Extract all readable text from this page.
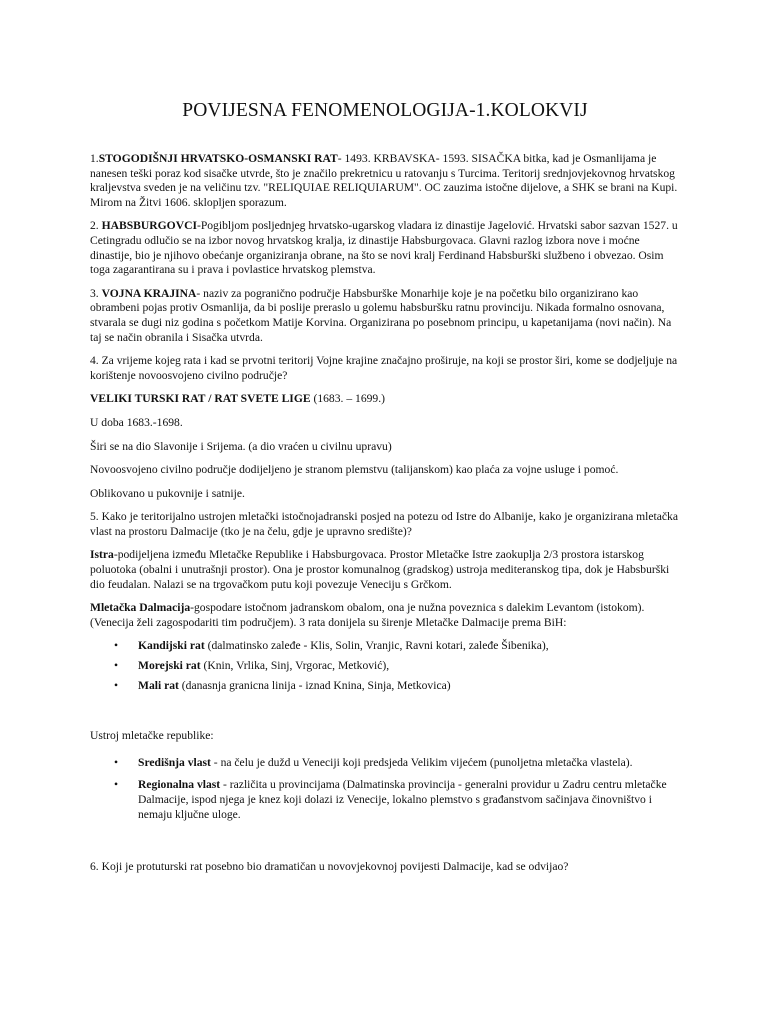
POVIJESNA FENOMENOLOGIJA-1.KOLOKVIJ

1.STOGODIŠNJI HRVATSKO-OSMANSKI RAT- 1493. KRBAVSKA- 1593. SISAČKA bitka, kad je Osmanlijama je nanesen teški poraz kod sisačke utvrde, što je značilo prekretnicu u ratovanju s Turcima. Teritorij srednjovjekovnog hrvatskog kraljevstva sveden je na veličinu tzv. "RELIQUIAE RELIQUIARUM". OC zauzima istočne dijelove, a SHK se brani na Kupi. Mirom na Žitvi 1606. sklopljen sporazum.

2. HABSBURGOVCI-Pogibljom posljednjeg hrvatsko-ugarskog vladara iz dinastije Jagelović. Hrvatski sabor sazvan 1527. u Cetingradu odlučio se na izbor novog hrvatskog kralja, iz dinastije Habsburgovaca. Glavni razlog izbora nove i moćne dinastije, bio je njihovo obećanje organiziranja obrane, na što se novi kralj Ferdinand Habsburški službeno i obvezao. Osim toga zagarantirana su i prava i povlastice hrvatskog plemstva.

3. VOJNA KRAJINA- naziv za pogranično područje Habsburške Monarhije koje je na početku bilo organizirano kao obrambeni pojas protiv Osmanlija, da bi poslije preraslo u golemu habsburšku ratnu provinciju. Nikada formalno osnovana, stvarala se dugi niz godina s početkom Matije Korvina. Organizirana po posebnom principu, u kapetanijama (novi način). Na taj se način obranila i Sisačka utvrda.

4. Za vrijeme kojeg rata i kad se prvotni teritorij Vojne krajine značajno proširuje, na koji se prostor širi, kome se dodjeljuje na korištenje novoosvojeno civilno područje?

VELIKI TURSKI RAT / RAT SVETE LIGE (1683. – 1699.)

U doba 1683.-1698.

Širi se na dio Slavonije i Srijema. (a dio vraćen u civilnu upravu)

Novoosvojeno civilno područje dodijeljeno je stranom plemstvu (talijanskom) kao plaća za vojne usluge i pomoć.

Oblikovano u pukovnije i satnije.

5. Kako je teritorijalno ustrojen mletački istočnojadranski posjed na potezu od Istre do Albanije, kako je organizirana mletačka vlast na prostoru Dalmacije (tko je na čelu, gdje je upravno središte)?

Istra-podijeljena između Mletačke Republike i Habsburgovaca. Prostor Mletačke Istre zaokuplja 2/3 prostora istarskog poluotoka (obalni i unutrašnji prostor). Ona je prostor komunalnog (gradskog) ustroja mediteranskog tipa, dok je Habsburški dio feudalan. Nalazi se na trgovačkom putu koji povezuje Veneciju s Grčkom.

Mletačka Dalmacija-gospodare istočnom jadranskom obalom, ona je nužna poveznica s dalekim Levantom (istokom). (Venecija želi zagospodariti tim područjem). 3 rata donijela su širenje Mletačke Dalmacije prema BiH:

• Kandijski rat (dalmatinsko zaleđe - Klis, Solin, Vranjic, Ravni kotari, zaleđe Šibenika),
• Morejski rat (Knin, Vrlika, Sinj, Vrgorac, Metković),
• Mali rat (danasnja granicna linija - iznad Knina, Sinja, Metkovica)

Ustroj mletačke republike:

• Središnja vlast - na čelu je dužd u Veneciji koji predsjeda Velikim vijećem (punoljetna mletačka vlastela).
• Regionalna vlast - različita u provincijama (Dalmatinska provincija - generalni providur u Zadru centru mletačke Dalmacije, ispod njega je knez koji dolazi iz Venecije, lokalno plemstvo s građanstvom sačinjava činovništvo i nemaju ključne uloge.

6. Koji je protuturski rat posebno bio dramatičan u novovjekovnoj povijesti Dalmacije, kad se odvijao?
